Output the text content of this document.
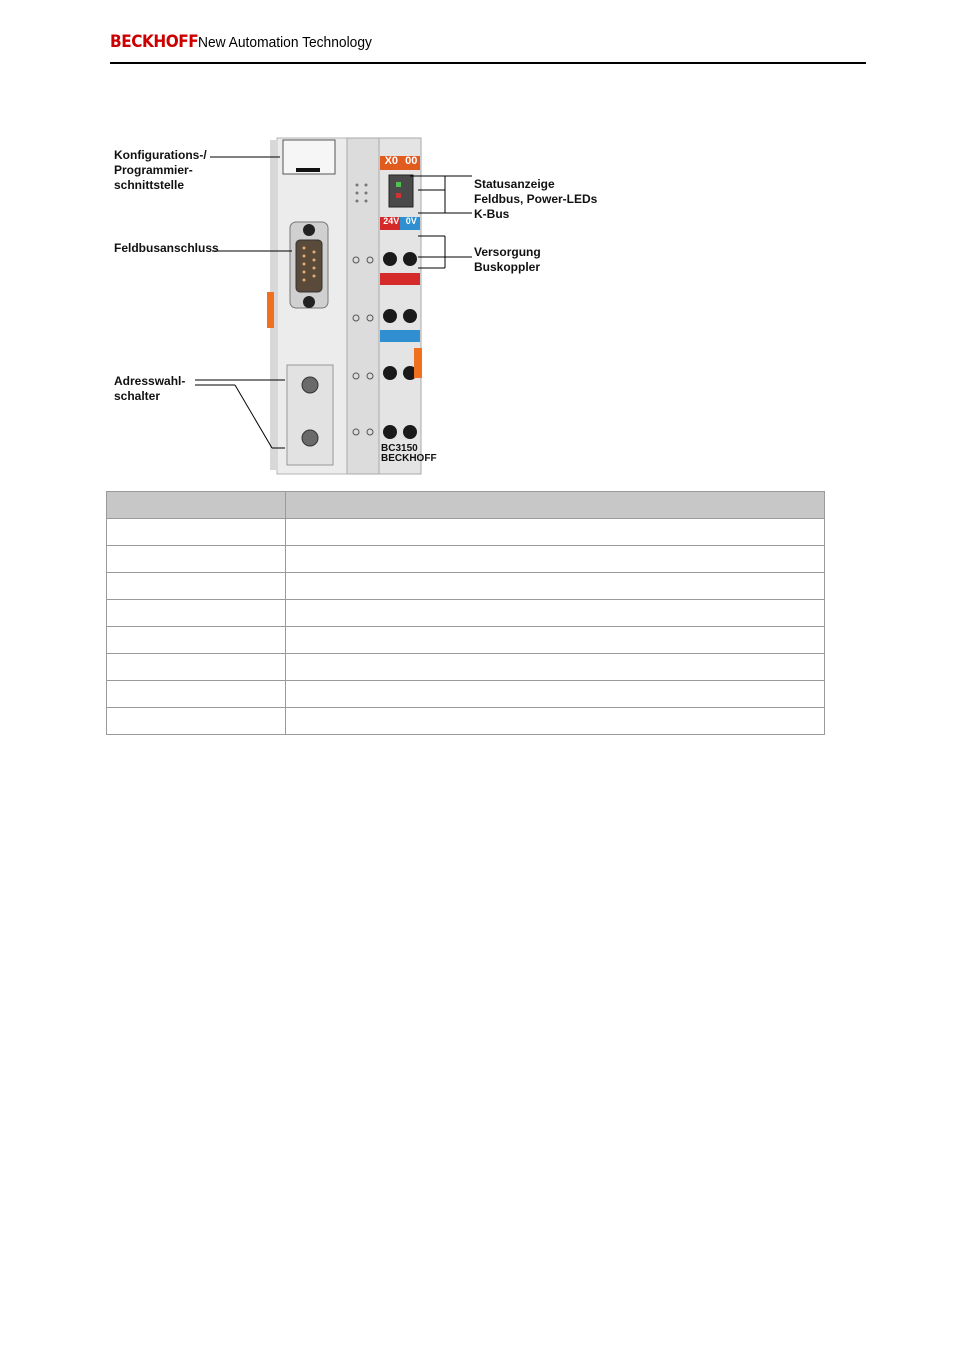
BECKHOFF New Automation Technology
X0 00
24V 0V
BC3150
BECKHOFF
Konfigurations-/
Programmier-
schnittstelle
Feldbusanschluss
Adresswahl-
schalter
Statusanzeige
Feldbus, Power-LEDs
K-Bus
Versorgung
Buskoppler
